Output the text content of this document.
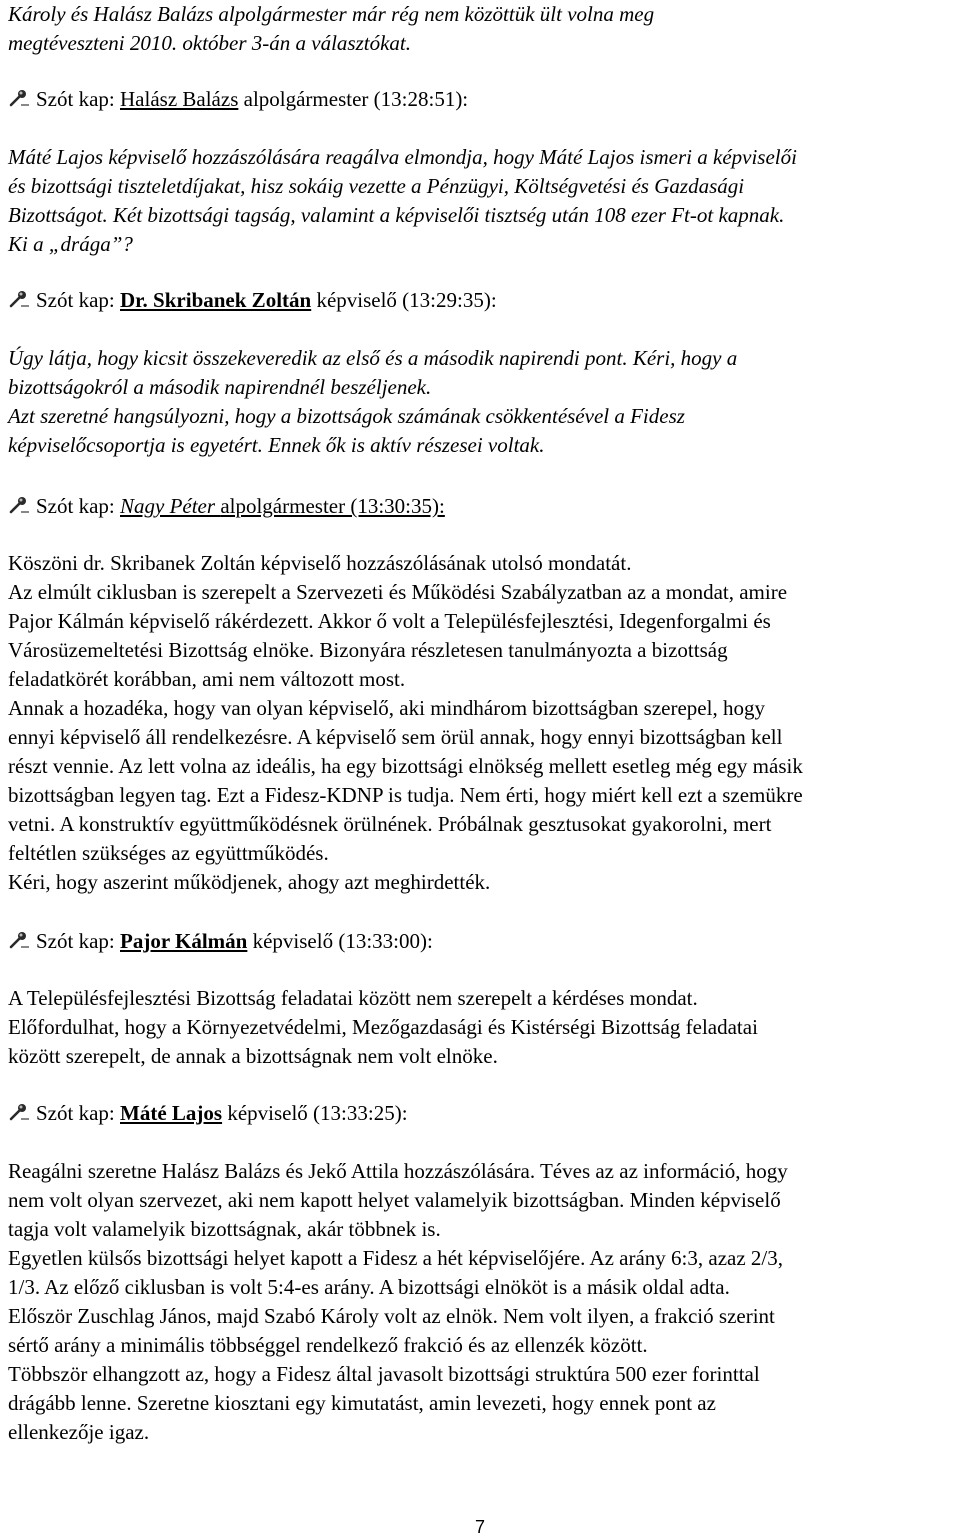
Károly és Halász Balázs alpolgármester már rég nem közöttük ült volna meg
megtéveszteni 2010. október 3-án a választókat.
Szót kap: Halász Balázs alpolgármester (13:28:51):
Máté Lajos képviselő hozzászólására reagálva elmondja, hogy Máté Lajos ismeri a képviselői
és bizottsági tiszteletdíjakat, hisz sokáig vezette a Pénzügyi, Költségvetési és Gazdasági
Bizottságot. Két bizottsági tagság, valamint a képviselői tisztség után 108 ezer Ft-ot kapnak.
Ki a „drága”?
Szót kap: Dr. Skribanek Zoltán képviselő (13:29:35):
Úgy látja, hogy kicsit összekeveredik az első és a második napirendi pont. Kéri, hogy a
bizottságokról a második napirendnél beszéljenek.
Azt szeretné hangsúlyozni, hogy a bizottságok számának csökkentésével a Fidesz
képviselőcsoportja is egyetért. Ennek ők is aktív részesei voltak.
Szót kap: Nagy Péter alpolgármester (13:30:35):
Köszöni dr. Skribanek Zoltán képviselő hozzászólásának utolsó mondatát.
Az elmúlt ciklusban is szerepelt a Szervezeti és Működési Szabályzatban az a mondat, amire
Pajor Kálmán képviselő rákérdezett. Akkor ő volt a Településfejlesztési, Idegenforgalmi és
Városüzemeltetési Bizottság elnöke. Bizonyára részletesen tanulmányozta a bizottság
feladatkörét korábban, ami nem változott most.
Annak a hozadéka, hogy van olyan képviselő, aki mindhárom bizottságban szerepel, hogy
ennyi képviselő áll rendelkezésre. A képviselő sem örül annak, hogy ennyi bizottságban kell
részt vennie. Az lett volna az ideális, ha egy bizottsági elnökség mellett esetleg még egy másik
bizottságban legyen tag. Ezt a Fidesz-KDNP is tudja. Nem érti, hogy miért kell ezt a szemükre
vetni. A konstruktív együttműködésnek örülnének. Próbálnak gesztusokat gyakorolni, mert
feltétlen szükséges az együttműködés.
Kéri, hogy aszerint működjenek, ahogy azt meghirdették.
Szót kap: Pajor Kálmán képviselő (13:33:00):
A Településfejlesztési Bizottság feladatai között nem szerepelt a kérdéses mondat.
Előfordulhat, hogy a Környezetvédelmi, Mezőgazdasági és Kistérségi Bizottság feladatai
között szerepelt, de annak a bizottságnak nem volt elnöke.
Szót kap: Máté Lajos képviselő (13:33:25):
Reagálni szeretne Halász Balázs és Jekő Attila hozzászólására. Téves az az információ, hogy
nem volt olyan szervezet, aki nem kapott helyet valamelyik bizottságban. Minden képviselő
tagja volt valamelyik bizottságnak, akár többnek is.
Egyetlen külsős bizottsági helyet kapott a Fidesz a hét képviselőjére. Az arány 6:3, azaz 2/3,
1/3. Az előző ciklusban is volt 5:4-es arány. A bizottsági elnököt is a másik oldal adta.
Először Zuschlag János, majd Szabó Károly volt az elnök. Nem volt ilyen, a frakció szerint
sértő arány a minimális többséggel rendelkező frakció és az ellenzék között.
Többször elhangzott az, hogy a Fidesz által javasolt bizottsági struktúra 500 ezer forinttal
drágább lenne. Szeretne kiosztani egy kimutatást, amin levezeti, hogy ennek pont az
ellenkezője igaz.
7
